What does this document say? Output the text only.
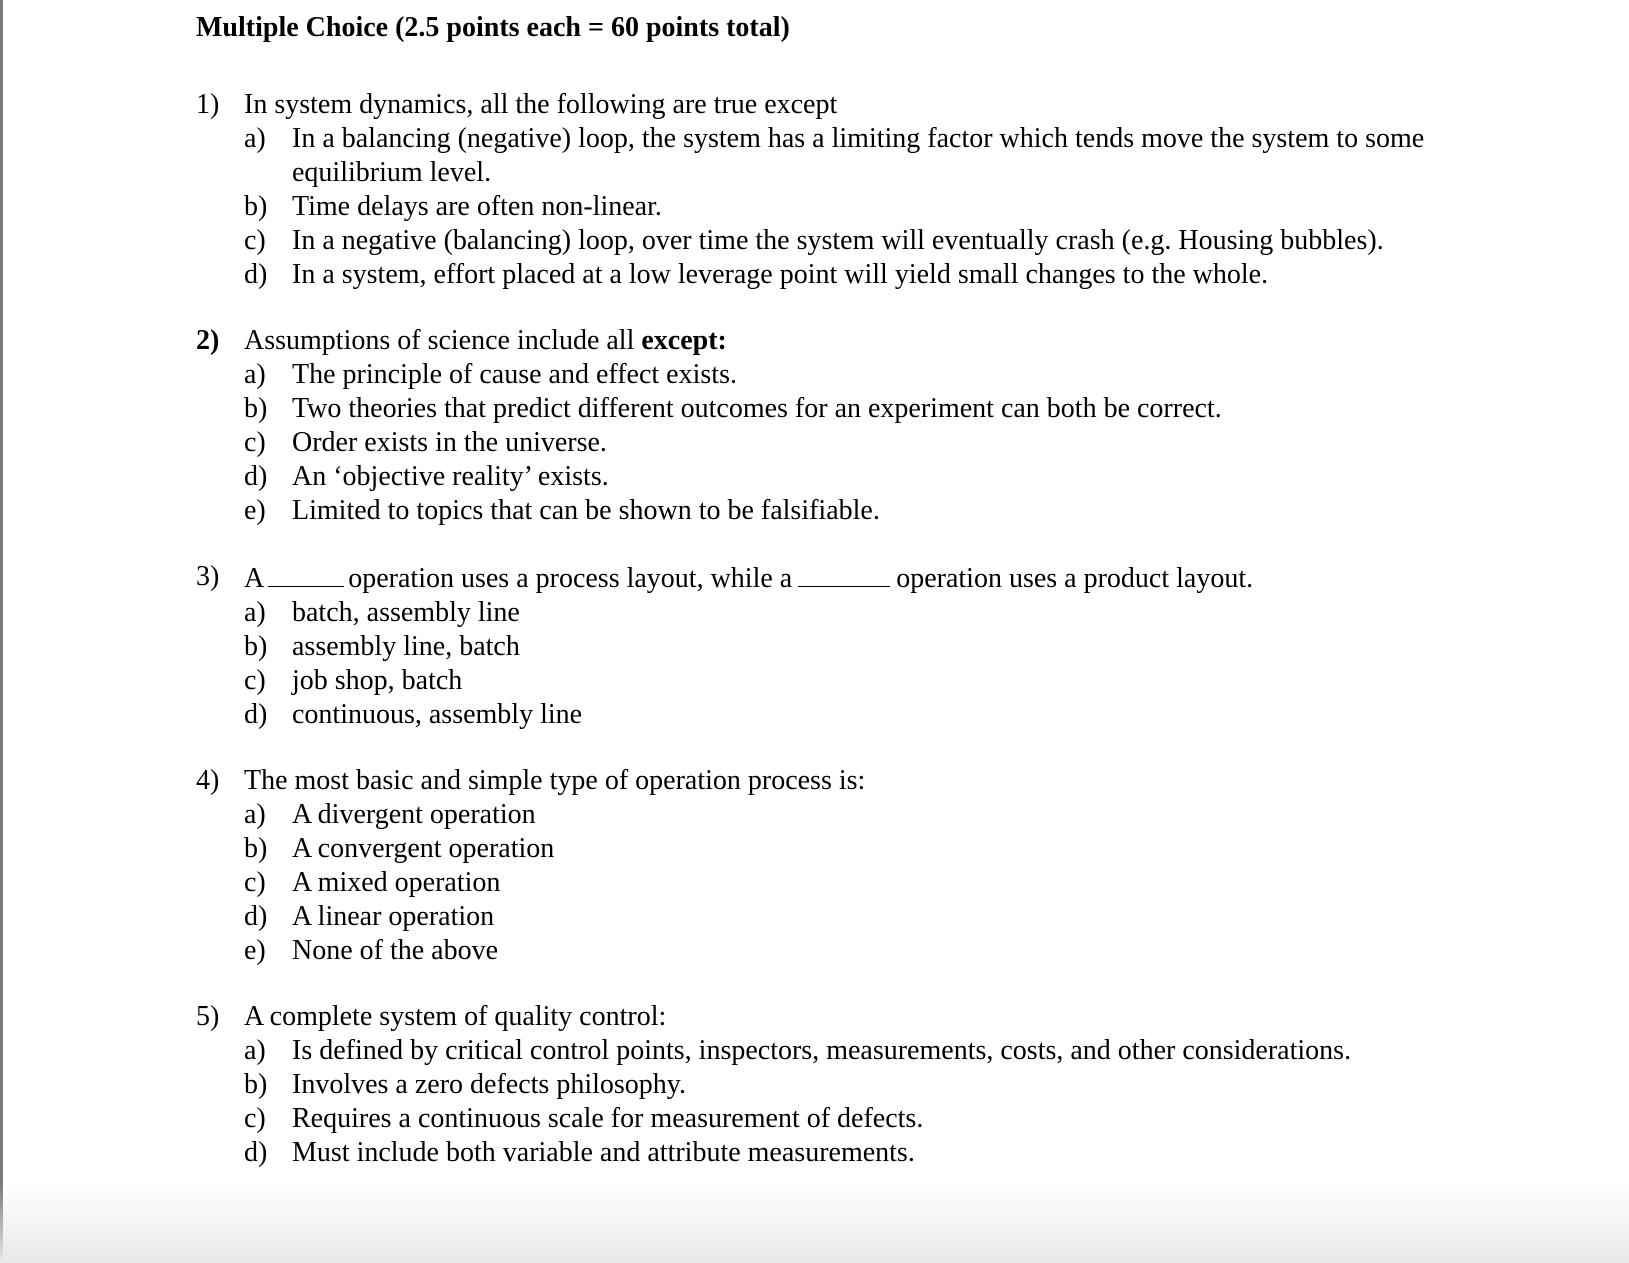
Multiple Choice (2.5 points each = 60 points total)
1) In system dynamics, all the following are true except
a) In a balancing (negative) loop, the system has a limiting factor which tends move the system to some equilibrium level.
b) Time delays are often non-linear.
c) In a negative (balancing) loop, over time the system will eventually crash (e.g. Housing bubbles).
d) In a system, effort placed at a low leverage point will yield small changes to the whole.
2) Assumptions of science include all except:
a) The principle of cause and effect exists.
b) Two theories that predict different outcomes for an experiment can both be correct.
c) Order exists in the universe.
d) An ‘objective reality’ exists.
e) Limited to topics that can be shown to be falsifiable.
3) A	operation uses a process layout, while a	operation uses a product layout.
a) batch, assembly line
b) assembly line, batch
c) job shop, batch
d) continuous, assembly line
4) The most basic and simple type of operation process is:
a) A divergent operation
b) A convergent operation
c) A mixed operation
d) A linear operation
e) None of the above
5) A complete system of quality control:
a) Is defined by critical control points, inspectors, measurements, costs, and other considerations.
b) Involves a zero defects philosophy.
c) Requires a continuous scale for measurement of defects.
d) Must include both variable and attribute measurements.
